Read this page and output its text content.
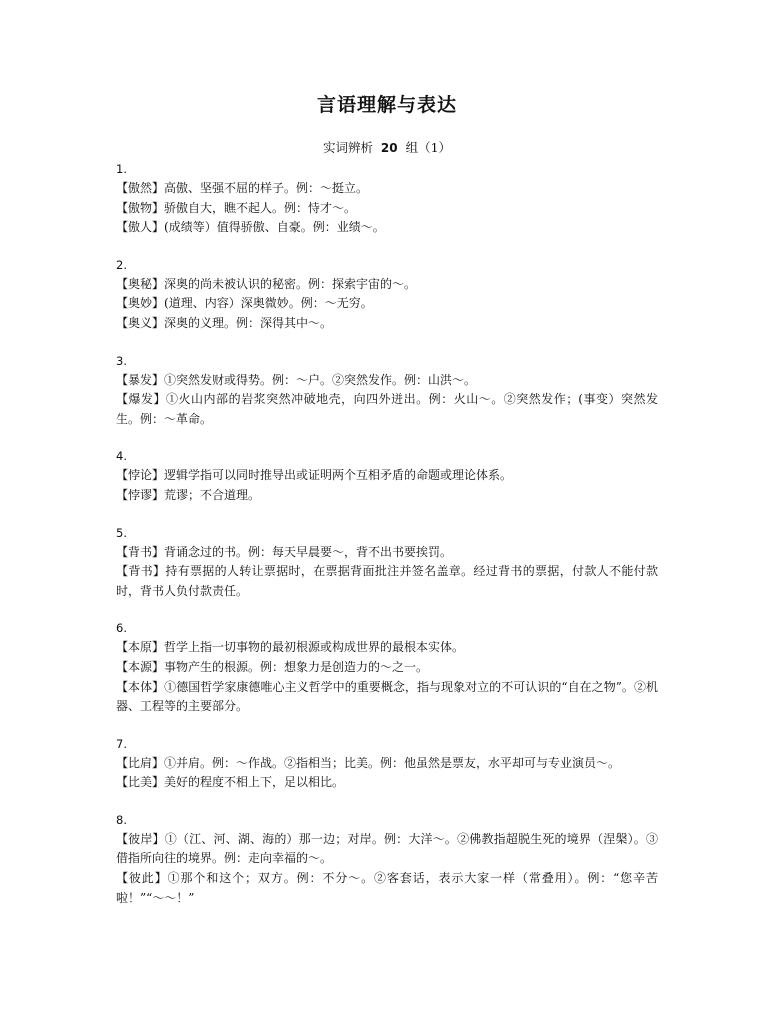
言语理解与表达

实词辨析 20 组（1）

1.

【傲然】高傲、坚强不屈的样子。例：～挺立。

【傲物】骄傲自大，瞧不起人。例：恃才～。

【傲人】(成绩等）值得骄傲、自豪。例：业绩～。

2.

【奥秘】深奥的尚未被认识的秘密。例：探索宇宙的～。

【奥妙】(道理、内容）深奥微妙。例：～无穷。

【奥义】深奥的义理。例：深得其中～。

3.

【暴发】①突然发财或得势。例：～户。②突然发作。例：山洪～。

【爆发】①火山内部的岩浆突然冲破地壳，向四外迸出。例：火山～。②突然发作；(事变）突然发生。例：～革命。

4.

【悖论】逻辑学指可以同时推导出或证明两个互相矛盾的命题或理论体系。

【悖谬】荒谬；不合道理。

5.

【背书】背诵念过的书。例：每天早晨要～，背不出书要挨罚。

【背书】持有票据的人转让票据时，在票据背面批注并签名盖章。经过背书的票据，付款人不能付款时，背书人负付款责任。

6.

【本原】哲学上指一切事物的最初根源或构成世界的最根本实体。

【本源】事物产生的根源。例：想象力是创造力的～之一。

【本体】①德国哲学家康德唯心主义哲学中的重要概念，指与现象对立的不可认识的“自在之物”。②机器、工程等的主要部分。

7.

【比肩】①并肩。例：～作战。②指相当；比美。例：他虽然是票友，水平却可与专业演员～。

【比美】美好的程度不相上下，足以相比。

8.

【彼岸】①（江、河、湖、海的）那一边；对岸。例：大洋～。②佛教指超脱生死的境界（涅槃）。③借指所向往的境界。例：走向幸福的～。

【彼此】①那个和这个；双方。例：不分～。②客套话，表示大家一样（常叠用）。例：“您辛苦啦！”“～～！”
